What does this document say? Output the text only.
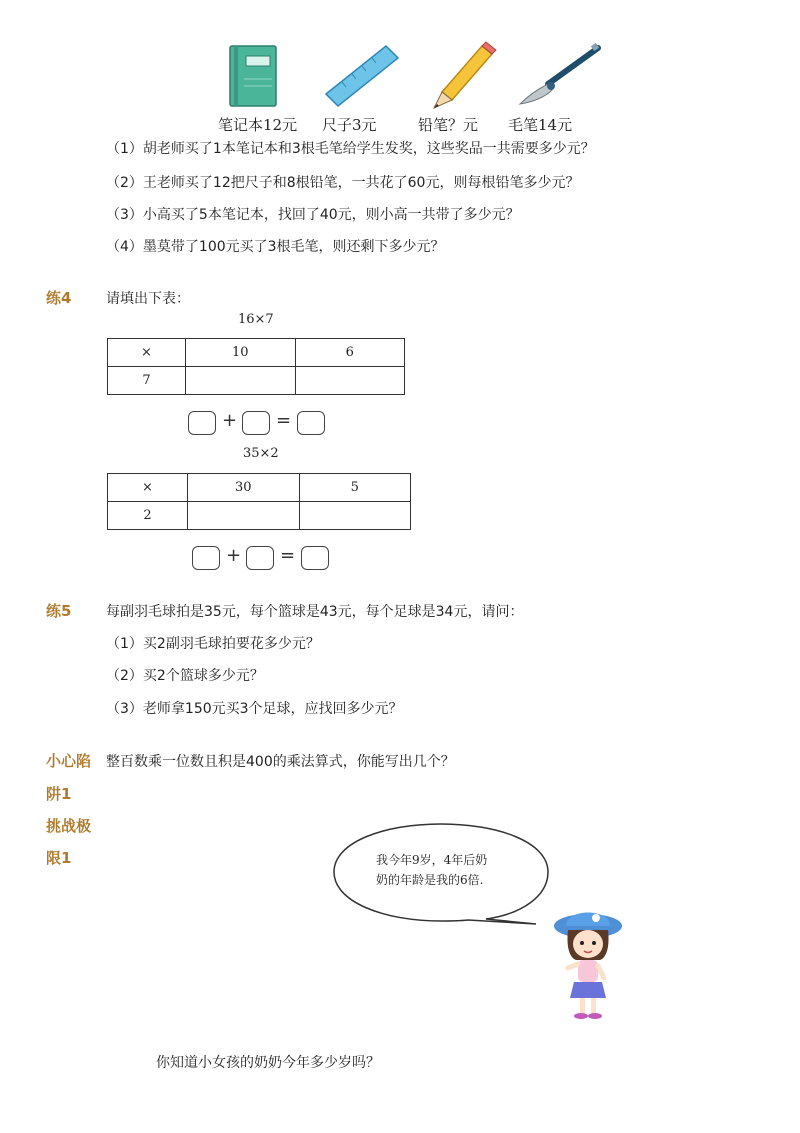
笔记本12元 尺子3元	铅笔？元 毛笔14元
（1）胡老师买了1本笔记本和3根毛笔给学生发奖，这些奖品一共需要多少元？
（2）王老师买了12把尺子和8根铅笔，一共花了60元，则每根铅笔多少元？
（3）小高买了5本笔记本，找回了40元，则小高一共带了多少元？
（4）墨莫带了100元买了3根毛笔，则还剩下多少元？
练4 请填出下表：
16×7
×	10	6
7		
+ =
35×2
×	30	5
2		
+ =
练5 每副羽毛球拍是35元，每个篮球是43元，每个足球是34元，请问：
（1）买2副羽毛球拍要花多少元？
（2）买2个篮球多少元？
（3）老师拿150元买3个足球，应找回多少元？
小心陷
阱1
整百数乘一位数且积是400的乘法算式，你能写出几个？
挑战极
限1	我今年9岁，4年后奶
奶的年龄是我的6倍.
你知道小女孩的奶奶今年多少岁吗？
